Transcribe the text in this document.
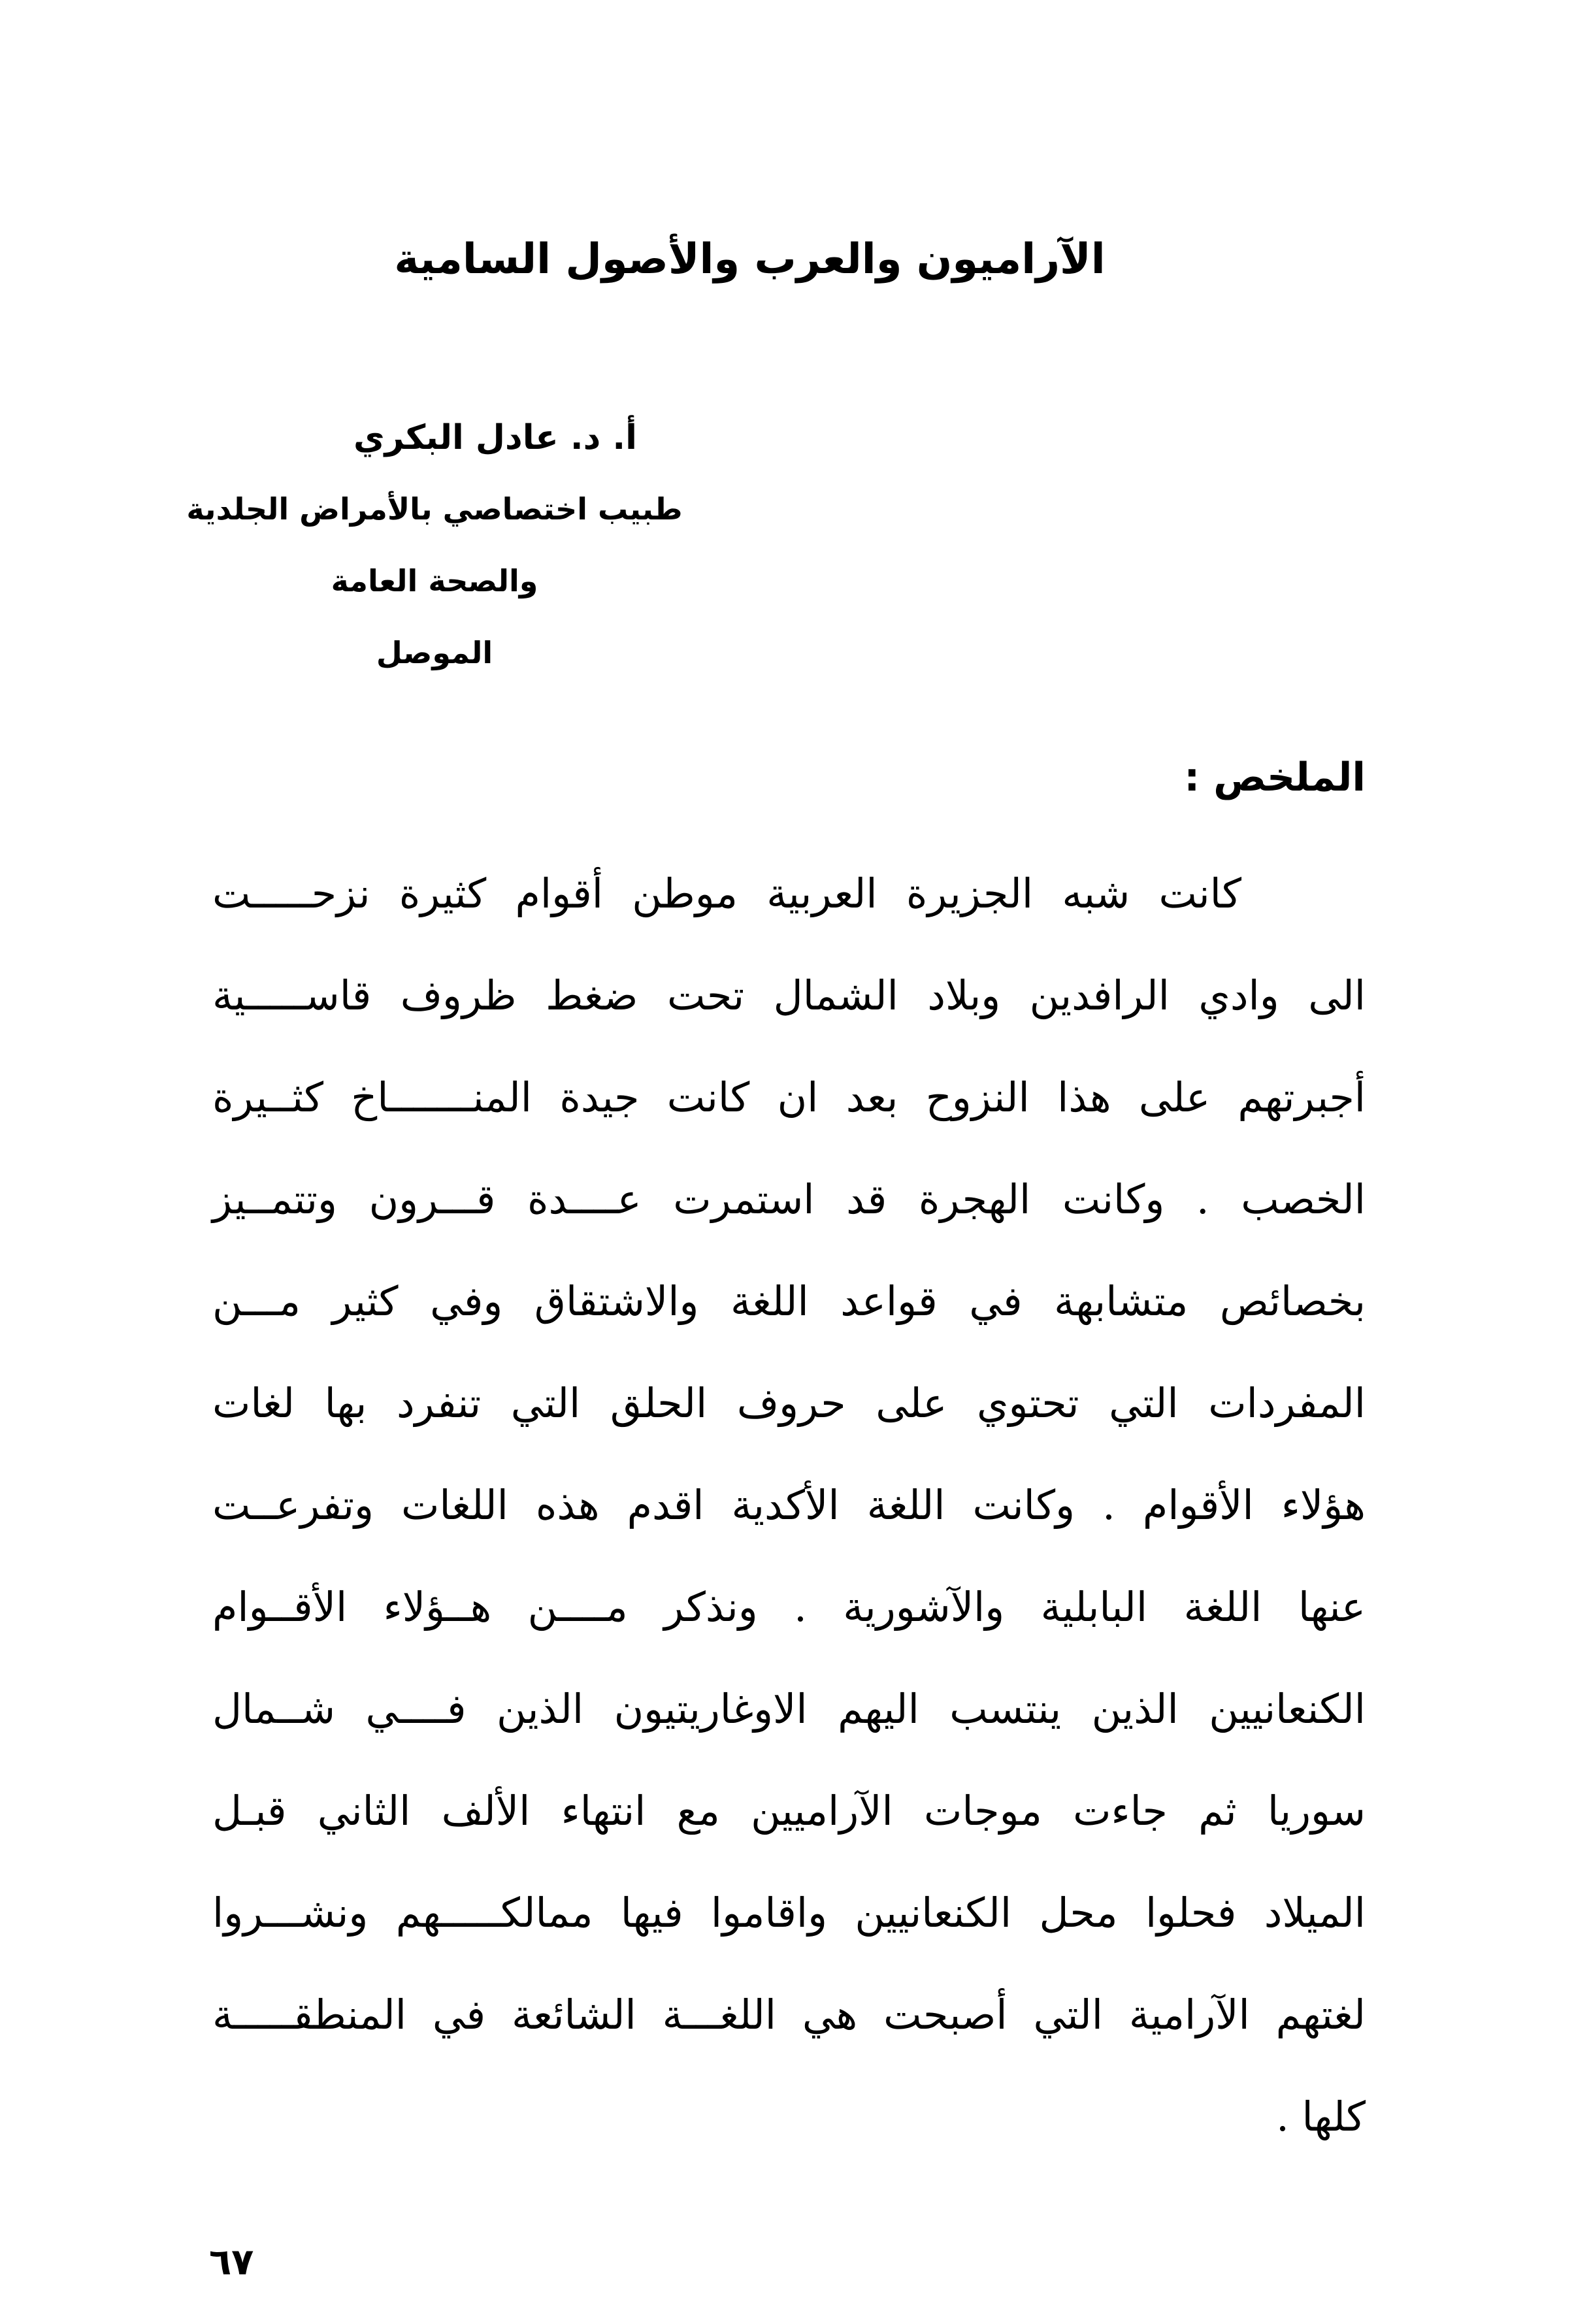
الآراميون والعرب والأصول السامية
أ. د. عادل البكري
طبيب اختصاصي بالأمراض الجلدية
والصحة العامة
الموصل
الملخص :
كانت شبه الجزيرة العربية موطن أقوام كثيرة نزحـــــت
الى وادي الرافدين وبلاد الشمال تحت ضغط ظروف قاســـــية
أجبرتهم على هذا النزوح بعد ان كانت جيدة المنـــــــاخ كثــيرة
الخصب . وكانت الهجرة قد استمرت عــــدة قـــرون وتتمــيز
بخصائص متشابهة في قواعد اللغة والاشتقاق وفي كثير مـــن
المفردات التي تحتوي على حروف الحلق التي تنفرد بها لغات
هؤلاء الأقوام . وكانت اللغة الأكدية اقدم هذه اللغات وتفرعــت
عنها اللغة البابلية والآشورية . ونذكر مــــن هــؤلاء الأقــوام
الكنعانيين الذين ينتسب اليهم الاوغاريتيون الذين فــــي شــمال
سوريا ثم جاءت موجات الآراميين مع انتهاء الألف الثاني قبـل
الميلاد فحلوا محل الكنعانيين واقاموا فيها ممالكـــــهم ونشـــروا
لغتهم الآرامية التي أصبحت هي اللغـــة الشائعة في المنطقـــــة
كلها .
٦٧
